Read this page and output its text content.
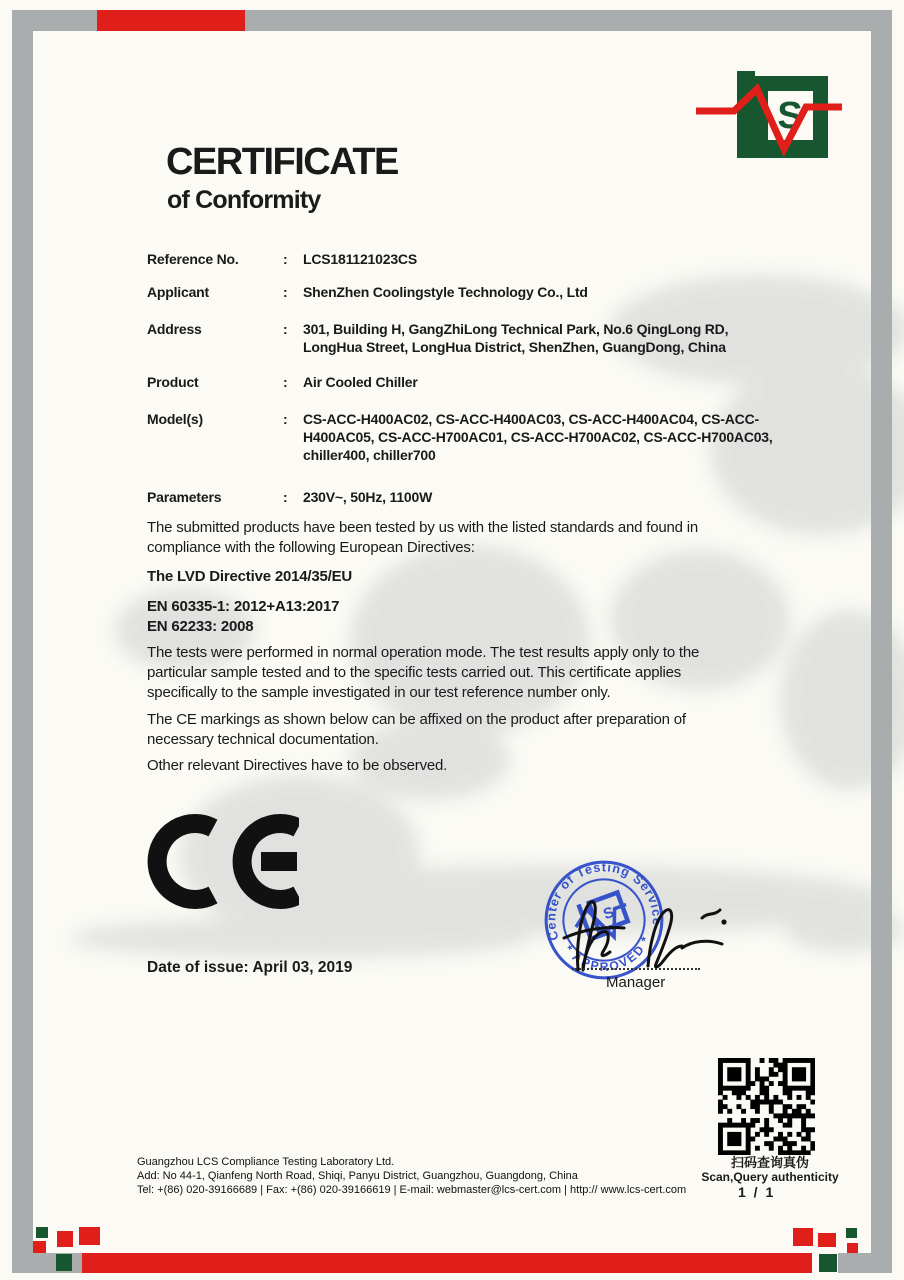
S
CERTIFICATE
of Conformity
Reference No.	:	LCS181121023CS
Applicant	:	ShenZhen Coolingstyle Technology Co., Ltd
Address	:	301, Building H, GangZhiLong Technical Park, No.6 QingLong RD, LongHua Street, LongHua District, ShenZhen, GuangDong, China
Product	:	Air Cooled Chiller
Model(s)	:	CS-ACC-H400AC02, CS-ACC-H400AC03, CS-ACC-H400AC04, CS-ACC-H400AC05, CS-ACC-H700AC01, CS-ACC-H700AC02, CS-ACC-H700AC03, chiller400, chiller700
Parameters	:	230V~, 50Hz, 1100W
The submitted products have been tested by us with the listed standards and found in compliance with the following European Directives:
The LVD Directive 2014/35/EU
EN 60335-1: 2012+A13:2017
EN 62233: 2008
The tests were performed in normal operation mode. The test results apply only to the particular sample tested and to the specific tests carried out. This certificate applies specifically to the sample investigated in our test reference number only.
The CE markings as shown below can be affixed on the product after preparation of necessary technical documentation.
Other relevant Directives have to be observed.
Date of issue: April 03, 2019
Center of Testing Service
* APPROVED *
S
Manager
扫码查询真伪
Scan,Query authenticity
1 / 1
Guangzhou LCS Compliance Testing Laboratory Ltd.
Add: No 44-1, Qianfeng North Road, Shiqi, Panyu District, Guangzhou, Guangdong, China
Tel: +(86) 020-39166689 | Fax: +(86) 020-39166619 | E-mail: webmaster@lcs-cert.com | http:// www.lcs-cert.com
